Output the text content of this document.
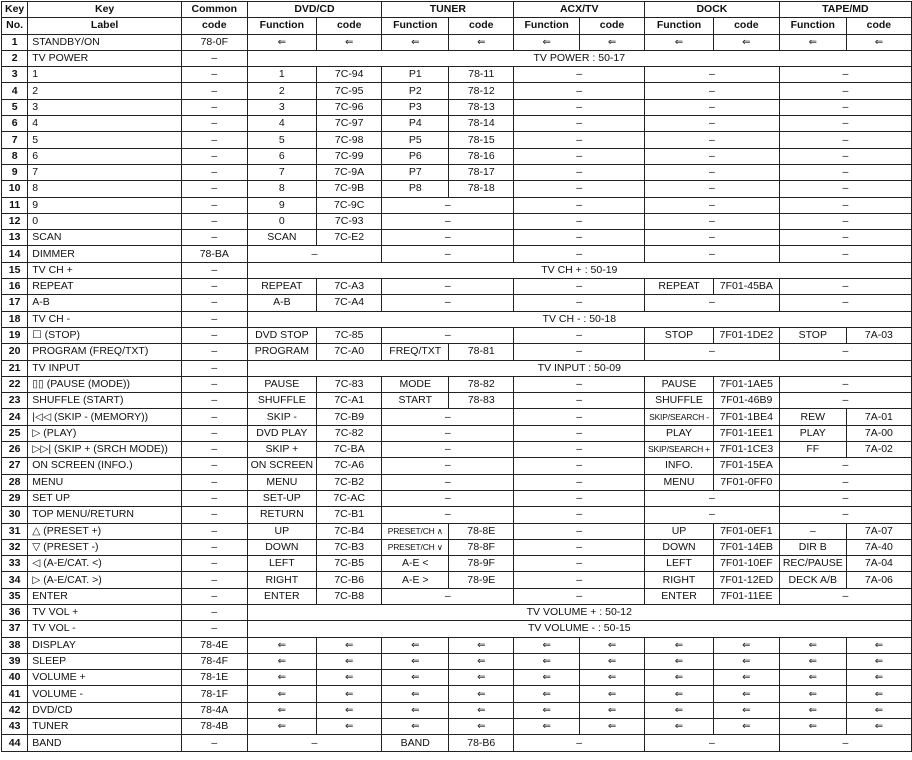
Key	Key	Common	DVD/CD		TUNER		ACX/TV		DOCK		TAPE/MD	
No.	Label	code	Function	code	Function	code	Function	code	Function	code	Function	code
1	STANDBY/ON	78-0F	⇐	⇐	⇐	⇐	⇐	⇐	⇐	⇐	⇐	⇐
2	TV POWER	–	TV POWER : 50-17									
3	1	–	1	7C-94	P1	78-11	–		–		–	
4	2	–	2	7C-95	P2	78-12	–		–		–	
5	3	–	3	7C-96	P3	78-13	–		–		–	
6	4	–	4	7C-97	P4	78-14	–		–		–	
7	5	–	5	7C-98	P5	78-15	–		–		–	
8	6	–	6	7C-99	P6	78-16	–		–		–	
9	7	–	7	7C-9A	P7	78-17	–		–		–	
10	8	–	8	7C-9B	P8	78-18	–		–		–	
11	9	–	9	7C-9C	–		–		–		–	
12	0	–	0	7C-93	–		–		–		–	
13	SCAN	–	SCAN	7C-E2	–		–		–		–	
14	DIMMER	78-BA	–		–		–		–		–	
15	TV CH +	–	TV CH + : 50-19									
16	REPEAT	–	REPEAT	7C-A3	–		–		REPEAT	7F01-45BA	–	
17	A-B	–	A-B	7C-A4	–		–		–		–	
18	TV CH -	–	TV CH - : 50-18									
19	☐ (STOP)	–	DVD STOP	7C-85	–		–		STOP	7F01-1DE2	STOP	7A-03
20	PROGRAM (FREQ/TXT)	–	PROGRAM	7C-A0	FREQ/TXT	78-81	–		–		–	
21	TV INPUT	–	TV INPUT : 50-09									
22	▯▯ (PAUSE (MODE))	–	PAUSE	7C-83	MODE	78-82	–		PAUSE	7F01-1AE5	–	
23	SHUFFLE (START)	–	SHUFFLE	7C-A1	START	78-83	–		SHUFFLE	7F01-46B9	–	
24	|◁◁ (SKIP - (MEMORY))	–	SKIP -	7C-B9	–		–		SKIP/SEARCH -	7F01-1BE4	REW	7A-01
25	▷ (PLAY)	–	DVD PLAY	7C-82	–		–		PLAY	7F01-1EE1	PLAY	7A-00
26	▷▷| (SKIP + (SRCH MODE))	–	SKIP +	7C-BA	–		–		SKIP/SEARCH +	7F01-1CE3	FF	7A-02
27	ON SCREEN (INFO.)	–	ON SCREEN	7C-A6	–		–		INFO.	7F01-15EA	–	
28	MENU	–	MENU	7C-B2	–		–		MENU	7F01-0FF0	–	
29	SET UP	–	SET-UP	7C-AC	–		–		–		–	
30	TOP MENU/RETURN	–	RETURN	7C-B1	–		–		–		–	
31	△ (PRESET +)	–	UP	7C-B4	PRESET/CH ∧	78-8E	–		UP	7F01-0EF1	–	7A-07
32	▽ (PRESET -)	–	DOWN	7C-B3	PRESET/CH ∨	78-8F	–		DOWN	7F01-14EB	DIR B	7A-40
33	◁ (A-E/CAT. <)	–	LEFT	7C-B5	A-E <	78-9F	–		LEFT	7F01-10EF	REC/PAUSE	7A-04
34	▷ (A-E/CAT. >)	–	RIGHT	7C-B6	A-E >	78-9E	–		RIGHT	7F01-12ED	DECK A/B	7A-06
35	ENTER	–	ENTER	7C-B8	–		–		ENTER	7F01-11EE	–	
36	TV VOL +	–	TV VOLUME + : 50-12									
37	TV VOL -	–	TV VOLUME - : 50-15									
38	DISPLAY	78-4E	⇐	⇐	⇐	⇐	⇐	⇐	⇐	⇐	⇐	⇐
39	SLEEP	78-4F	⇐	⇐	⇐	⇐	⇐	⇐	⇐	⇐	⇐	⇐
40	VOLUME +	78-1E	⇐	⇐	⇐	⇐	⇐	⇐	⇐	⇐	⇐	⇐
41	VOLUME -	78-1F	⇐	⇐	⇐	⇐	⇐	⇐	⇐	⇐	⇐	⇐
42	DVD/CD	78-4A	⇐	⇐	⇐	⇐	⇐	⇐	⇐	⇐	⇐	⇐
43	TUNER	78-4B	⇐	⇐	⇐	⇐	⇐	⇐	⇐	⇐	⇐	⇐
44	BAND	–	–		BAND	78-B6	–		–		–	
